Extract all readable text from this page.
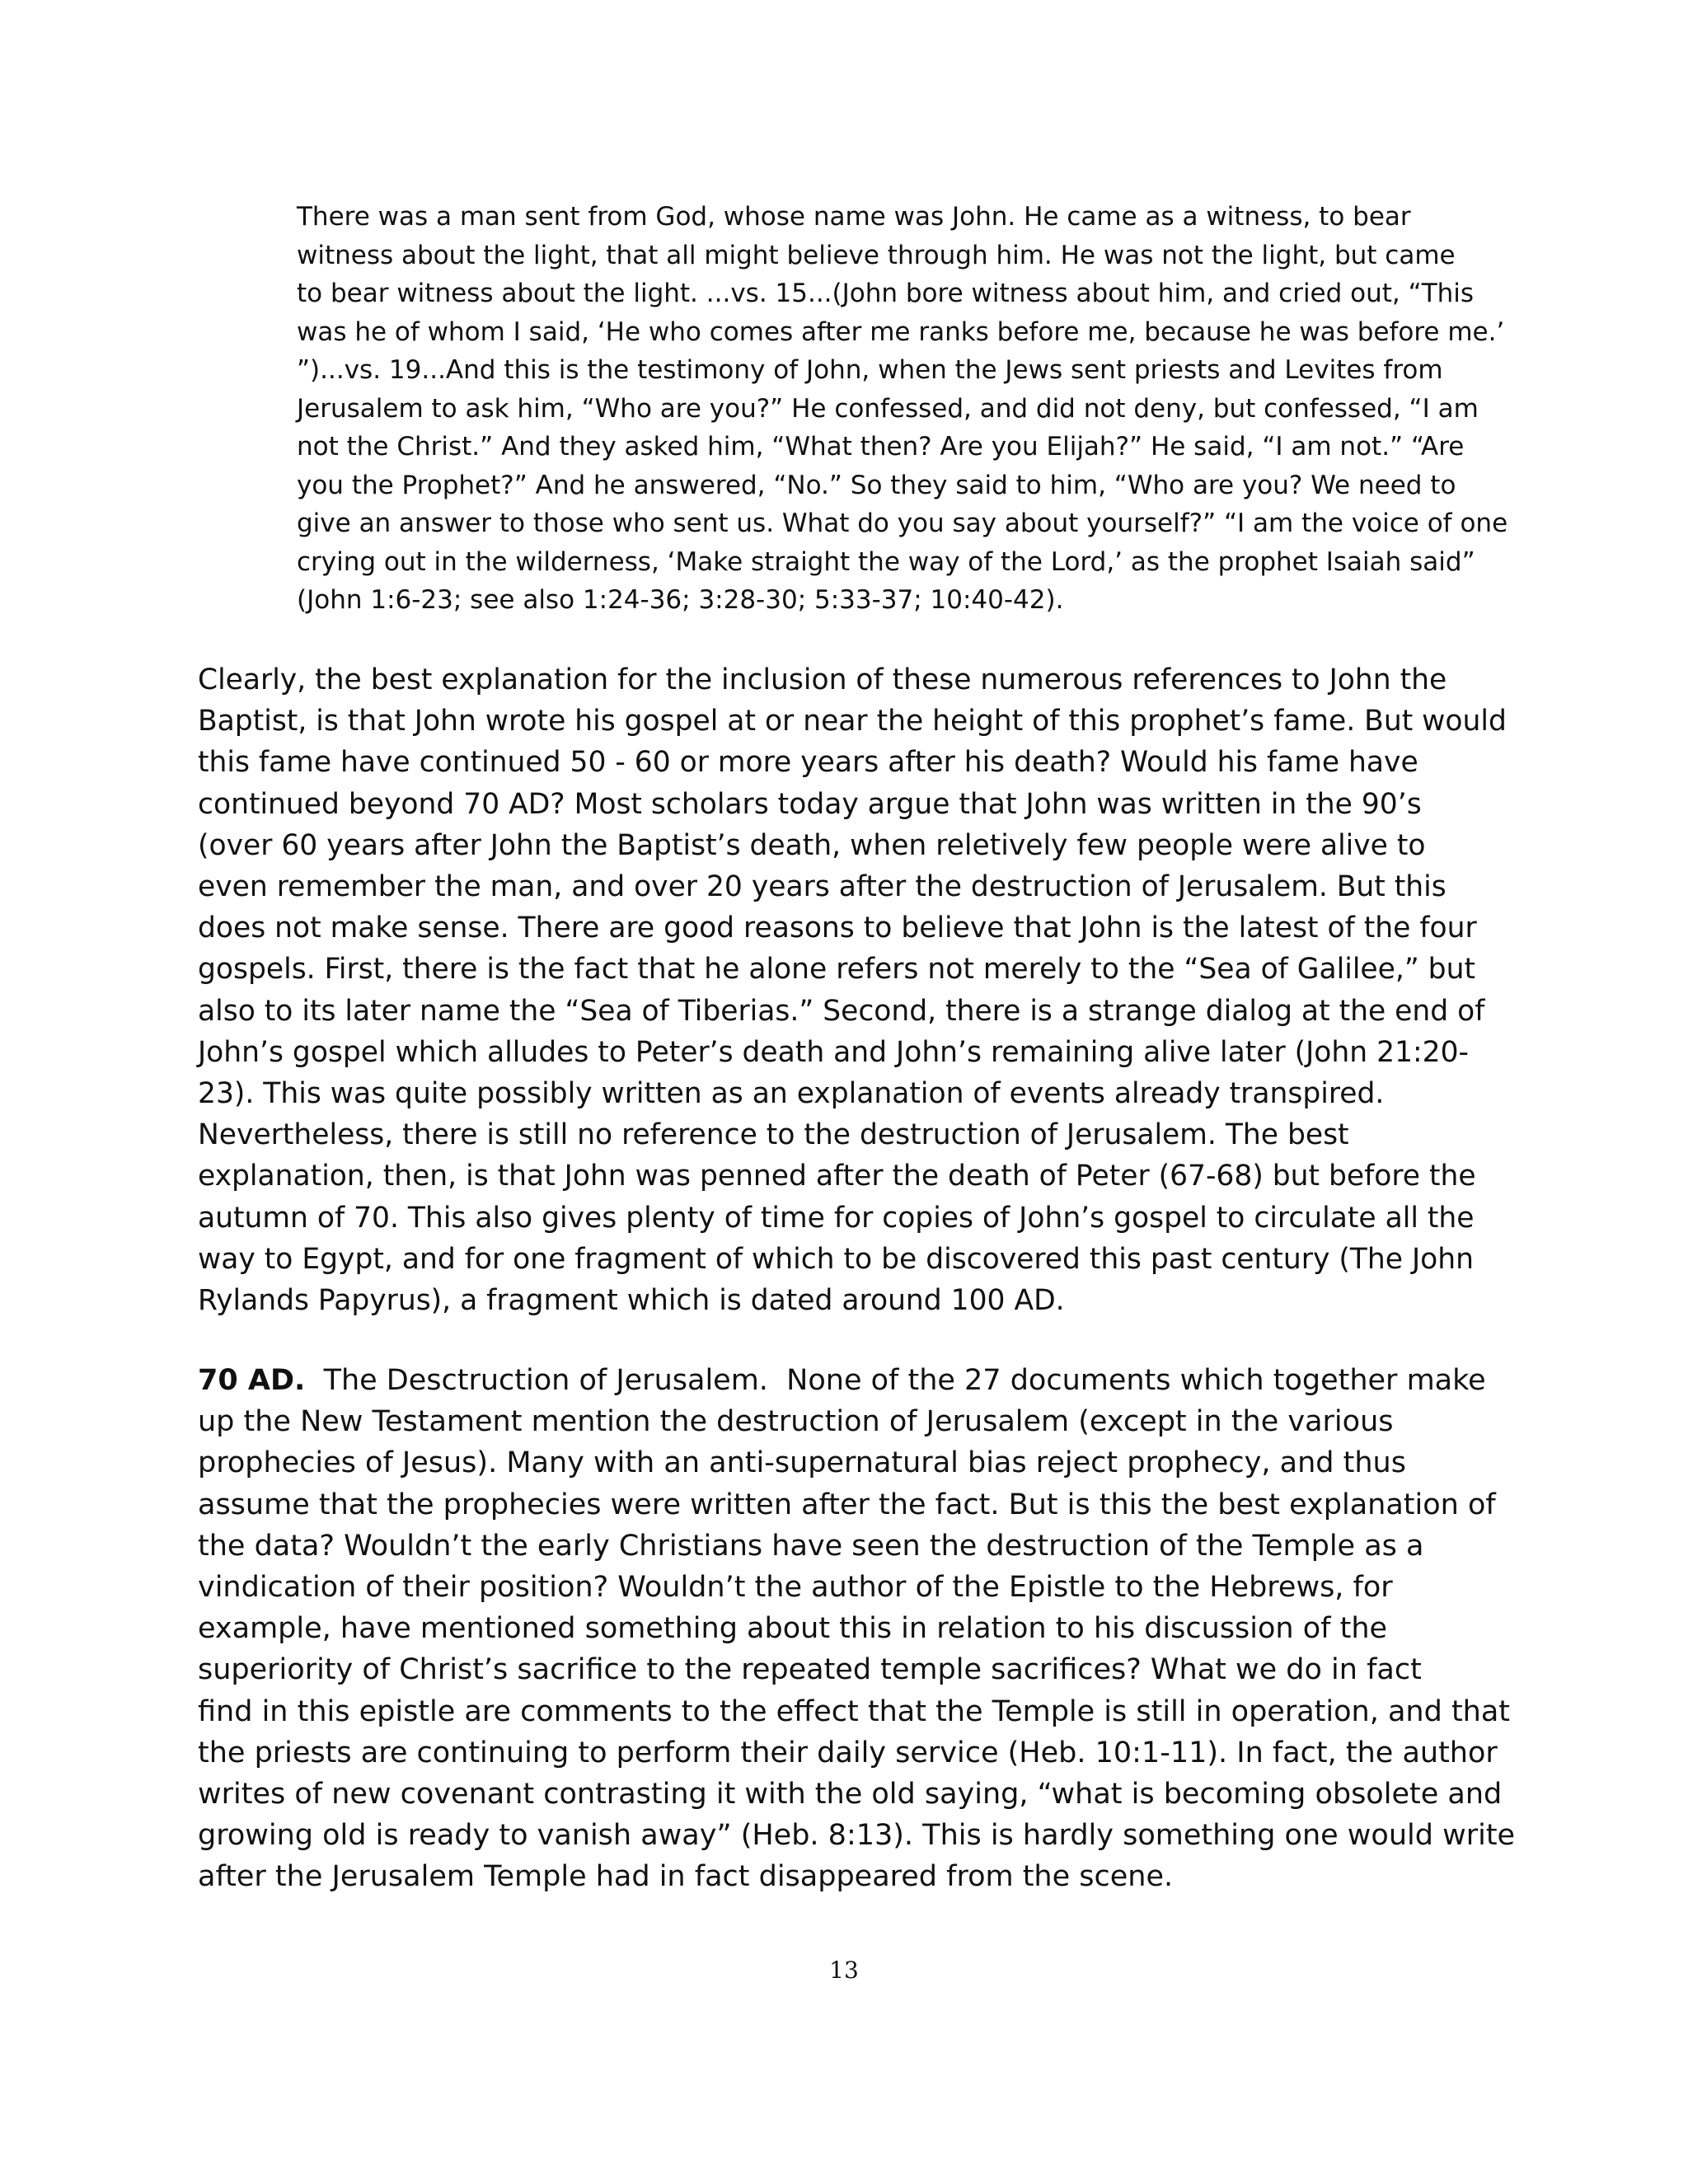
There was a man sent from God, whose name was John. He came as a witness, to bear
witness about the light, that all might believe through him. He was not the light, but came
to bear witness about the light. ...vs. 15...(John bore witness about him, and cried out, “This
was he of whom I said, ‘He who comes after me ranks before me, because he was before me.’
”)...vs. 19...And this is the testimony of John, when the Jews sent priests and Levites from
Jerusalem to ask him, “Who are you?” He confessed, and did not deny, but confessed, “I am
not the Christ.” And they asked him, “What then? Are you Elijah?” He said, “I am not.” “Are
you the Prophet?” And he answered, “No.” So they said to him, “Who are you? We need to
give an answer to those who sent us. What do you say about yourself?” “I am the voice of one
crying out in the wilderness, ‘Make straight the way of the Lord,’ as the prophet Isaiah said”
(John 1:6-23; see also 1:24-36; 3:28-30; 5:33-37; 10:40-42).
Clearly, the best explanation for the inclusion of these numerous references to John the
Baptist, is that John wrote his gospel at or near the height of this prophet’s fame. But would
this fame have continued 50 - 60 or more years after his death? Would his fame have
continued beyond 70 AD? Most scholars today argue that John was written in the 90’s
(over 60 years after John the Baptist’s death, when reletively few people were alive to
even remember the man, and over 20 years after the destruction of Jerusalem. But this
does not make sense. There are good reasons to believe that John is the latest of the four
gospels. First, there is the fact that he alone refers not merely to the “Sea of Galilee,” but
also to its later name the “Sea of Tiberias.” Second, there is a strange dialog at the end of
John’s gospel which alludes to Peter’s death and John’s remaining alive later (John 21:20-
23). This was quite possibly written as an explanation of events already transpired.
Nevertheless, there is still no reference to the destruction of Jerusalem. The best
explanation, then, is that John was penned after the death of Peter (67-68) but before the
autumn of 70. This also gives plenty of time for copies of John’s gospel to circulate all the
way to Egypt, and for one fragment of which to be discovered this past century (The John
Rylands Papyrus), a fragment which is dated around 100 AD.
70 AD.  The Desctruction of Jerusalem.  None of the 27 documents which together make
up the New Testament mention the destruction of Jerusalem (except in the various
prophecies of Jesus). Many with an anti-supernatural bias reject prophecy, and thus
assume that the prophecies were written after the fact. But is this the best explanation of
the data? Wouldn’t the early Christians have seen the destruction of the Temple as a
vindication of their position? Wouldn’t the author of the Epistle to the Hebrews, for
example, have mentioned something about this in relation to his discussion of the
superiority of Christ’s sacrifice to the repeated temple sacrifices? What we do in fact
find in this epistle are comments to the effect that the Temple is still in operation, and that
the priests are continuing to perform their daily service (Heb. 10:1-11). In fact, the author
writes of new covenant contrasting it with the old saying, “what is becoming obsolete and
growing old is ready to vanish away” (Heb. 8:13). This is hardly something one would write
after the Jerusalem Temple had in fact disappeared from the scene.
13
